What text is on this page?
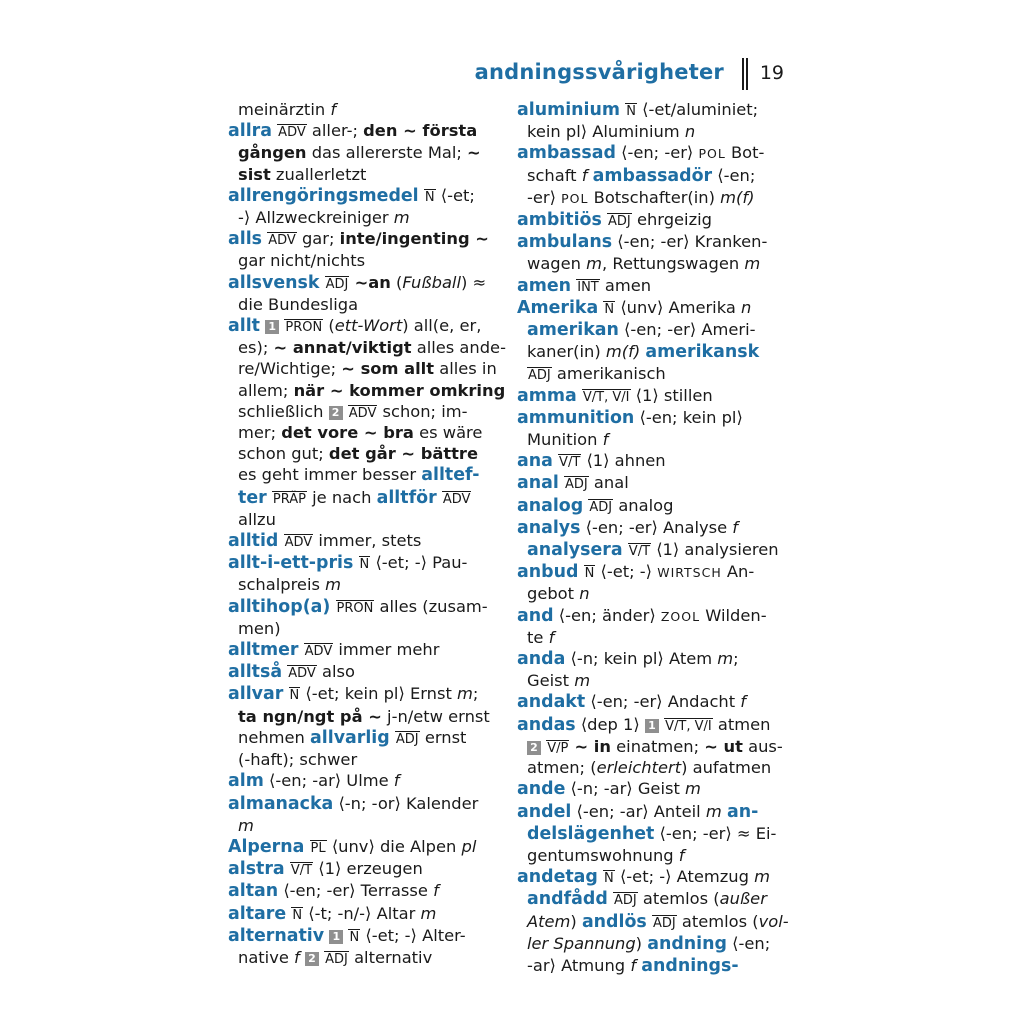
andningssvårigheter 19
meinärztin f
allra ADV aller-; den ~ första
gången das allererste Mal; ~
sist zuallerletzt
allrengöringsmedel N ⟨-et;
-⟩ Allzweckreiniger m
alls ADV gar; inte/ingenting ~
gar nicht/nichts
allsvensk ADJ ~an (Fußball) ≈
die Bundesliga
allt 1 PRON (ett-Wort) all(e, er,
es); ~ annat/viktigt alles ande-
re/Wichtige; ~ som allt alles in
allem; när ~ kommer omkring
schließlich 2 ADV schon; im-
mer; det vore ~ bra es wäre
schon gut; det går ~ bättre
es geht immer besser alltef-
ter PRÄP je nach alltför ADV
allzu
alltid ADV immer, stets
allt-i-ett-pris N ⟨-et; -⟩ Pau-
schalpreis m
alltihop(a) PRON alles (zusam-
men)
alltmer ADV immer mehr
alltså ADV also
allvar N ⟨-et; kein pl⟩ Ernst m;
ta ngn/ngt på ~ j-n/etw ernst
nehmen allvarlig ADJ ernst
(-haft); schwer
alm ⟨-en; -ar⟩ Ulme f
almanacka ⟨-n; -or⟩ Kalender
m
Alperna PL ⟨unv⟩ die Alpen pl
alstra V/T ⟨1⟩ erzeugen
altan ⟨-en; -er⟩ Terrasse f
altare N ⟨-t; -n/-⟩ Altar m
alternativ 1 N ⟨-et; -⟩ Alter-
native f 2 ADJ alternativ
aluminium N ⟨-et/aluminiet;
kein pl⟩ Aluminium n
ambassad ⟨-en; -er⟩ POL Bot-
schaft f ambassadör ⟨-en;
-er⟩ POL Botschafter(in) m(f)
ambitiös ADJ ehrgeizig
ambulans ⟨-en; -er⟩ Kranken-
wagen m, Rettungswagen m
amen INT amen
Amerika N ⟨unv⟩ Amerika n
amerikan ⟨-en; -er⟩ Ameri-
kaner(in) m(f) amerikansk
ADJ amerikanisch
amma V/T, V/I ⟨1⟩ stillen
ammunition ⟨-en; kein pl⟩
Munition f
ana V/T ⟨1⟩ ahnen
anal ADJ anal
analog ADJ analog
analys ⟨-en; -er⟩ Analyse f
analysera V/T ⟨1⟩ analysieren
anbud N ⟨-et; -⟩ WIRTSCH An-
gebot n
and ⟨-en; änder⟩ ZOOL Wilden-
te f
anda ⟨-n; kein pl⟩ Atem m;
Geist m
andakt ⟨-en; -er⟩ Andacht f
andas ⟨dep 1⟩ 1 V/T, V/I atmen
2 V/P ~ in einatmen; ~ ut aus-
atmen; (erleichtert) aufatmen
ande ⟨-n; -ar⟩ Geist m
andel ⟨-en; -ar⟩ Anteil m an-
delslägenhet ⟨-en; -er⟩ ≈ Ei-
gentumswohnung f
andetag N ⟨-et; -⟩ Atemzug m
andfådd ADJ atemlos (außer
Atem) andlös ADJ atemlos (vol-
ler Spannung) andning ⟨-en;
-ar⟩ Atmung f andnings-
